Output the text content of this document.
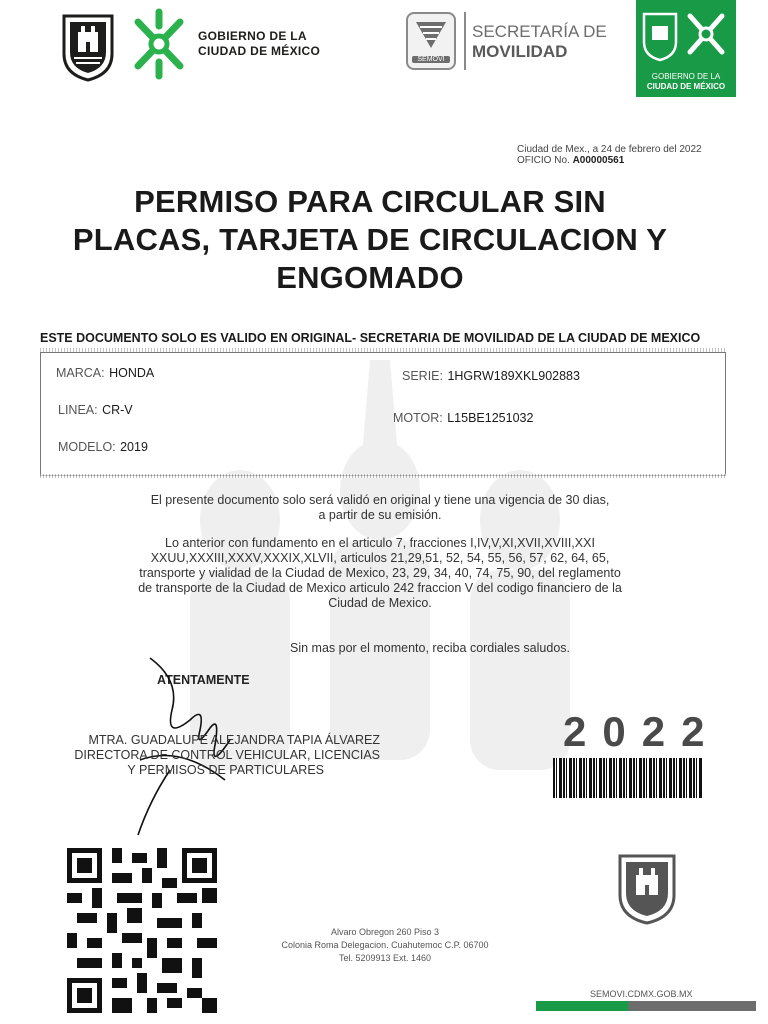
GOBIERNO DE LA
CIUDAD DE MÉXICO
SEMOVI
SECRETARÍA DE
MOVILIDAD
GOBIERNO DE LA
CIUDAD DE MÉXICO
Ciudad de Mex., a 24 de febrero del 2022
OFICIO No. A00000561
PERMISO PARA CIRCULAR SIN
PLACAS, TARJETA DE CIRCULACION Y
ENGOMADO
ESTE DOCUMENTO SOLO ES VALIDO EN ORIGINAL- SECRETARIA DE MOVILIDAD DE LA CIUDAD DE MEXICO
MARCA: HONDA
LINEA: CR-V
MODELO: 2019
SERIE: 1HGRW189XKL902883
MOTOR: L15BE1251032
El presente documento solo será validó en original y tiene una vigencia de 30 dias,
a partir de su emisión.
Lo anterior con fundamento en el articulo 7, fracciones I,IV,V,XI,XVII,XVIII,XXI
XXUU,XXXIII,XXXV,XXXIX,XLVII, articulos 21,29,51, 52, 54, 55, 56, 57, 62, 64, 65,
transporte y vialidad de la Ciudad de Mexico, 23, 29, 34, 40, 74, 75, 90, del reglamento
de transporte de la Ciudad de Mexico articulo 242 fraccion V del codigo financiero de la
Ciudad de Mexico.
Sin mas por el momento, reciba cordiales saludos.
ATENTAMENTE
MTRA. GUADALUPE ALEJANDRA TAPIA ÁLVAREZ
DIRECTORA DE CONTROL VEHICULAR, LICENCIAS
Y PERMISOS DE PARTICULARES
2022
Alvaro Obregon 260 Piso 3
Colonia Roma Delegacion. Cuahutemoc C.P. 06700
Tel. 5209913 Ext. 1460
SEMOVI.CDMX.GOB.MX
